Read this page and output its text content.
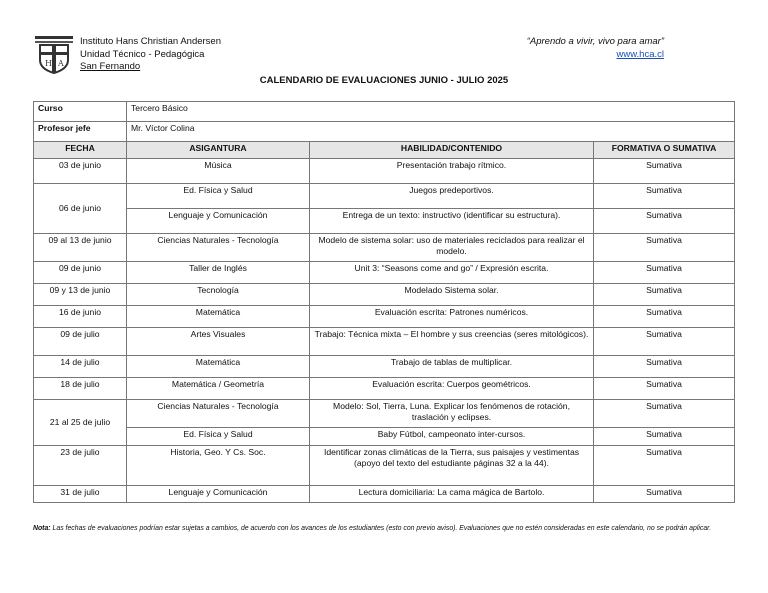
H A
Instituto Hans Christian Andersen
Unidad Técnico - Pedagógica
San Fernando
“Aprendo a vivir, vivo para amar”
www.hca.cl
CALENDARIO DE EVALUACIONES JUNIO - JULIO 2025
Curso	Tercero Básico		
Profesor jefe	Mr. Víctor Colina		
FECHA	ASIGANTURA	HABILIDAD/CONTENIDO	FORMATIVA O SUMATIVA
03 de junio	Música	Presentación trabajo rítmico.	Sumativa
06 de junio	Ed. Física y Salud	Juegos predeportivos.	Sumativa
	Lenguaje y Comunicación	Entrega de un texto: instructivo (identificar su estructura).	Sumativa
09 al 13 de junio	Ciencias Naturales - Tecnología	Modelo de sistema solar: uso de materiales reciclados para realizar el modelo.	Sumativa
09 de junio	Taller de Inglés	Unit 3: “Seasons come and go” / Expresión escrita.	Sumativa
09 y 13 de junio	Tecnología	Modelado Sistema solar.	Sumativa
16 de junio	Matemática	Evaluación escrita: Patrones numéricos.	Sumativa
09 de julio	Artes Visuales	Trabajo: Técnica mixta – El hombre y sus creencias (seres mitológicos).	Sumativa
14 de julio	Matemática	Trabajo de tablas de multiplicar.	Sumativa
18 de julio	Matemática / Geometría	Evaluación escrita: Cuerpos geométricos.	Sumativa
21 al 25 de julio	Ciencias Naturales - Tecnología	Modelo: Sol, Tierra, Luna. Explicar los fenómenos de rotación, traslación y eclipses.	Sumativa
	Ed. Física y Salud	Baby Fútbol, campeonato inter-cursos.	Sumativa
23 de julio	Historia, Geo. Y Cs. Soc.	Identificar zonas climáticas de la Tierra, sus paisajes y vestimentas (apoyo del texto del estudiante páginas 32 a la 44).	Sumativa
31 de julio	Lenguaje y Comunicación	Lectura domiciliaria: La cama mágica de Bartolo.	Sumativa
Nota: Las fechas de evaluaciones podrían estar sujetas a cambios, de acuerdo con los avances de los estudiantes (esto con previo aviso). Evaluaciones que no estén consideradas en este calendario, no se podrán aplicar.
